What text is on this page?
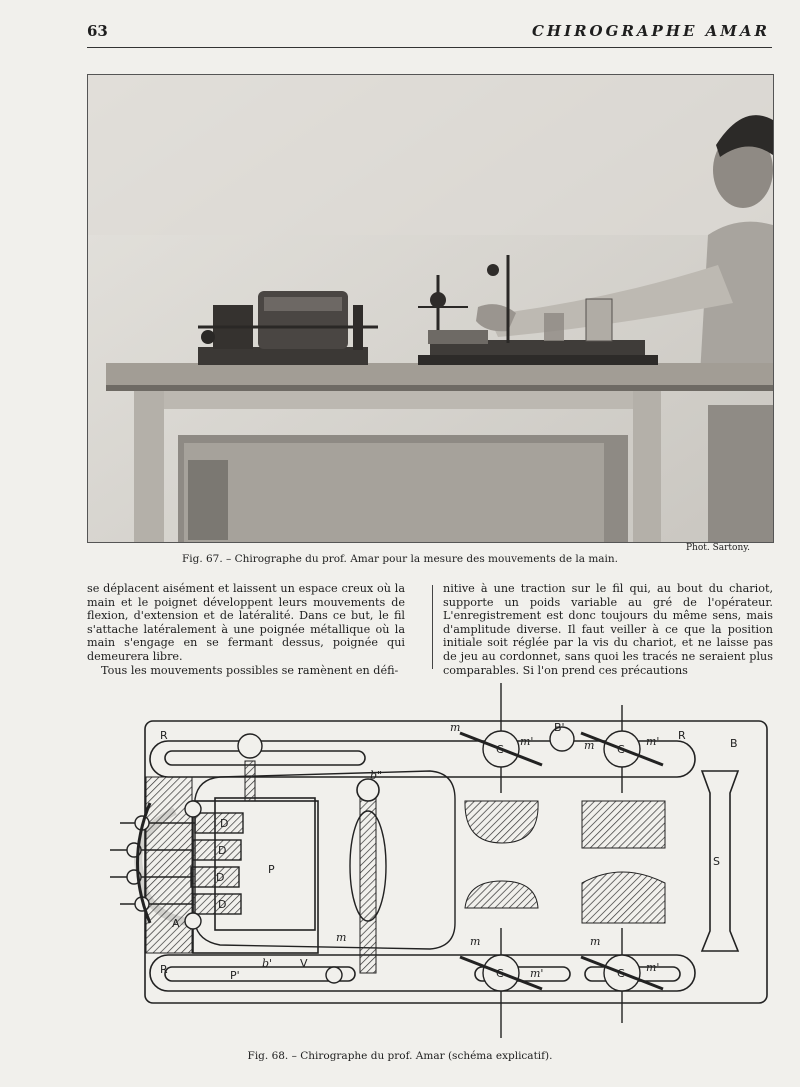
63	CHIROGRAPHE AMAR
Phot. Sartony.
Fig. 67. – Chirographe du prof. Amar pour la mesure des mouvements de la main.

se déplacent aisément et laissent un espace creux où la main et le poignet développent leurs mouvements de flexion, d'extension et de latéralité. Dans ce but, le fil s'attache latéralement à une poignée métallique où la main s'engage en se fermant dessus, poignée qui demeurera libre.

Tous les mouvements possibles se ramènent en défi-

nitive à une traction sur le fil qui, au bout du chariot, supporte un poids variable au gré de l'opérateur. L'enregistrement est donc toujours du même sens, mais d'amplitude diverse. Il faut veiller à ce que la position initiale soit réglée par la vis du chariot, et ne laisse pas de jeu au cordonnet, sans quoi les tracés ne seraient plus comparables. Si l'on prend ces précautions

R
B
R
P
S
A
D
D
D
D
C	C
C	C
m
m'	m	m'
m
m'
m
m'
b"
b'	V
P'
B'
R
m
Fig. 68. – Chirographe du prof. Amar (schéma explicatif).
